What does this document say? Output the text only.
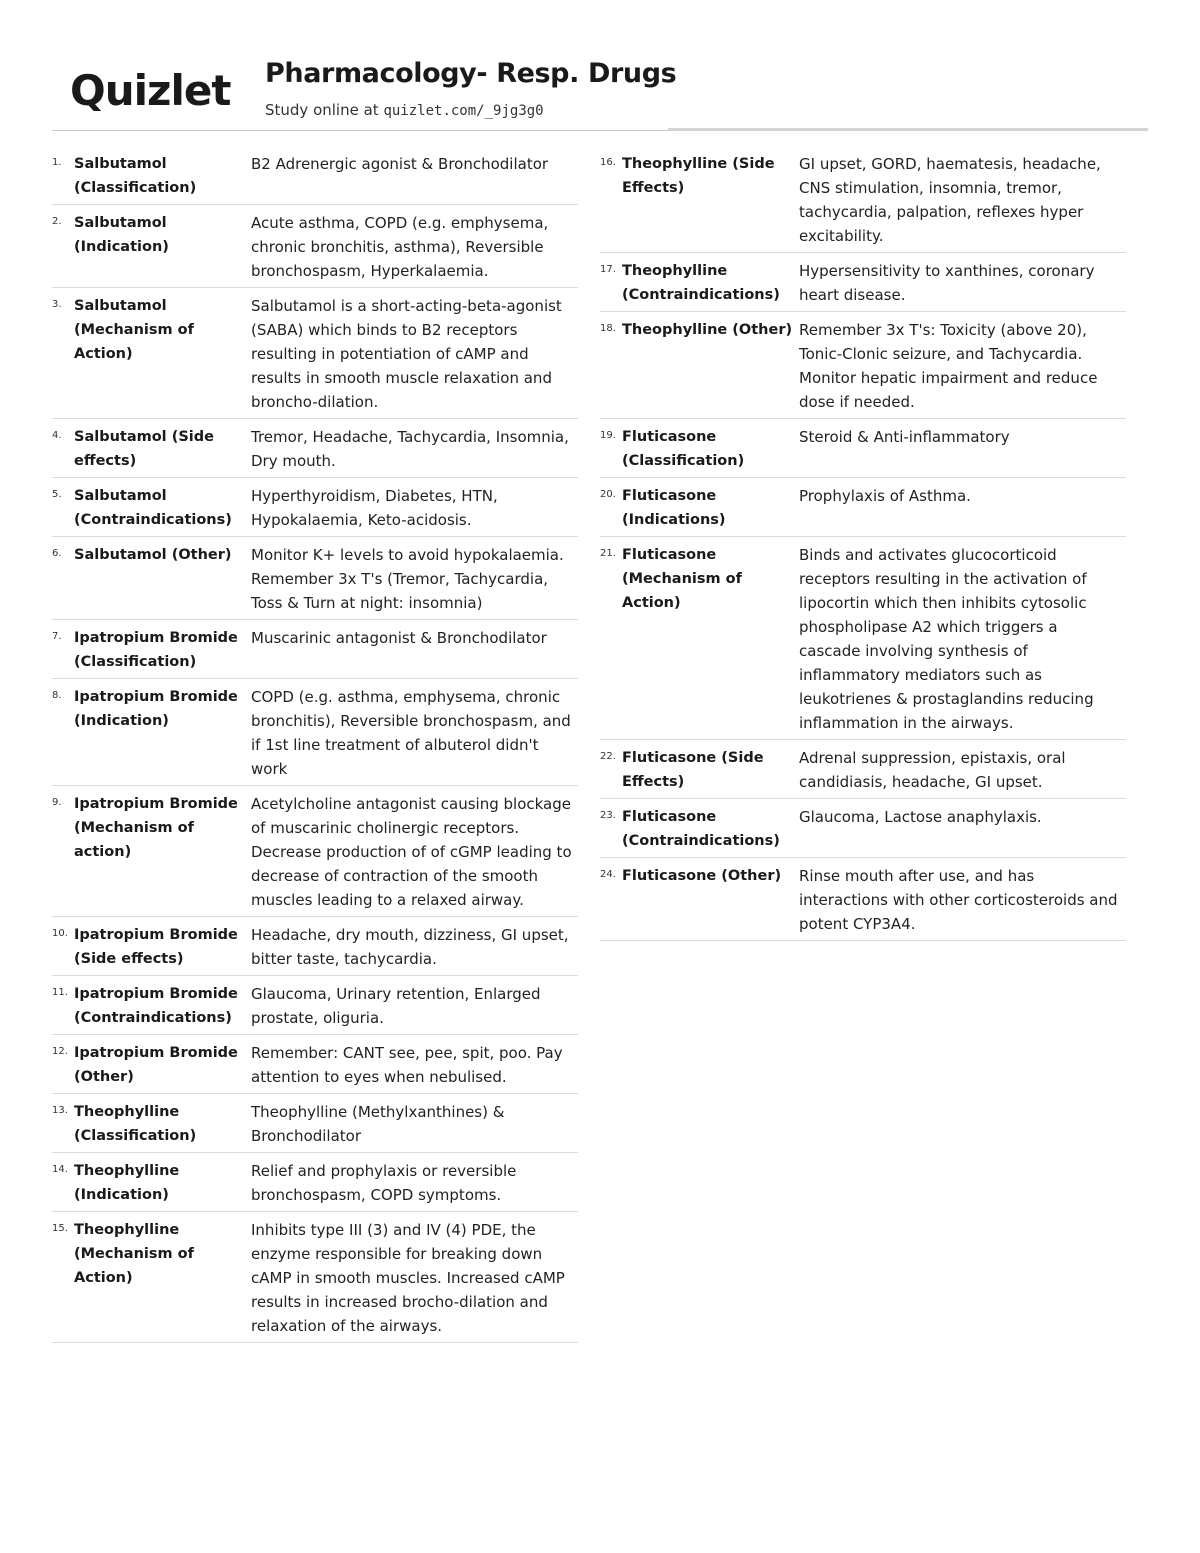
Quizlet Pharmacology- Resp. Drugs
Study online at quizlet.com/_9jg3g0
1. Salbutamol (Classification)
B2 Adrenergic agonist & Bronchodilator
2. Salbutamol (Indication)
Acute asthma, COPD (e.g. emphysema, chronic bronchitis, asthma), Reversible bronchospasm, Hyperkalaemia.
3. Salbutamol (Mechanism of Action)
Salbutamol is a short-acting-beta-agonist (SABA) which binds to B2 receptors resulting in potentiation of cAMP and results in smooth muscle relaxation and broncho-dilation.
4. Salbutamol (Side effects)
Tremor, Headache, Tachycardia, Insomnia, Dry mouth.
5. Salbutamol (Contraindications)
Hyperthyroidism, Diabetes, HTN, Hypokalaemia, Keto-acidosis.
6. Salbutamol (Other)	Monitor K+ levels to avoid hypokalaemia. Remember 3x T's (Tremor, Tachycardia, Toss & Turn at night: insomnia)
7. Ipatropium Bromide (Classification)
Muscarinic antagonist & Bronchodilator
8. Ipatropium Bromide (Indication)
COPD (e.g. asthma, emphysema, chronic bronchitis), Reversible bronchospasm, and if 1st line treatment of albuterol didn't work
9. Ipatropium Bromide (Mechanism of action)
Acetylcholine antagonist causing blockage of muscarinic cholinergic receptors. Decrease production of of cGMP leading to decrease of contraction of the smooth muscles leading to a relaxed airway.
10. Ipatropium Bromide (Side effects)
Headache, dry mouth, dizziness, GI upset, bitter taste, tachycardia.
11. Ipatropium Bromide (Contraindications)
Glaucoma, Urinary retention, Enlarged prostate, oliguria.
12. Ipatropium Bromide (Other)
Remember: CANT see, pee, spit, poo. Pay attention to eyes when nebulised.
13. Theophylline (Classification)
Theophylline (Methylxanthines) & Bronchodilator
14. Theophylline (Indication)
Relief and prophylaxis or reversible bronchospasm, COPD symptoms.
15. Theophylline (Mechanism of Action)
Inhibits type III (3) and IV (4) PDE, the enzyme responsible for breaking down cAMP in smooth muscles. Increased cAMP results in increased brocho-dilation and relaxation of the airways.
16. Theophylline (Side Effects)
GI upset, GORD, haematesis, headache, CNS stimulation, insomnia, tremor, tachycardia, palpation, reflexes hyper excitability.
17. Theophylline (Contraindications)
Hypersensitivity to xanthines, coronary heart disease.
18. Theophylline (Other) Remember 3x T's: Toxicity (above 20), Tonic-Clonic seizure, and Tachycardia. Monitor hepatic impairment and reduce dose if needed.
19. Fluticasone (Classification)
Steroid & Anti-inflammatory
20. Fluticasone (Indications)
Prophylaxis of Asthma.
21. Fluticasone (Mechanism of Action)
Binds and activates glucocorticoid receptors resulting in the activation of lipocortin which then inhibits cytosolic phospholipase A2 which triggers a cascade involving synthesis of inflammatory mediators such as leukotrienes & prostaglandins reducing inflammation in the airways.
22. Fluticasone (Side Effects)
Adrenal suppression, epistaxis, oral candidiasis, headache, GI upset.
23. Fluticasone (Contraindications)
Glaucoma, Lactose anaphylaxis.
24. Fluticasone (Other)	Rinse mouth after use, and has interactions with other corticosteroids and potent CYP3A4.
